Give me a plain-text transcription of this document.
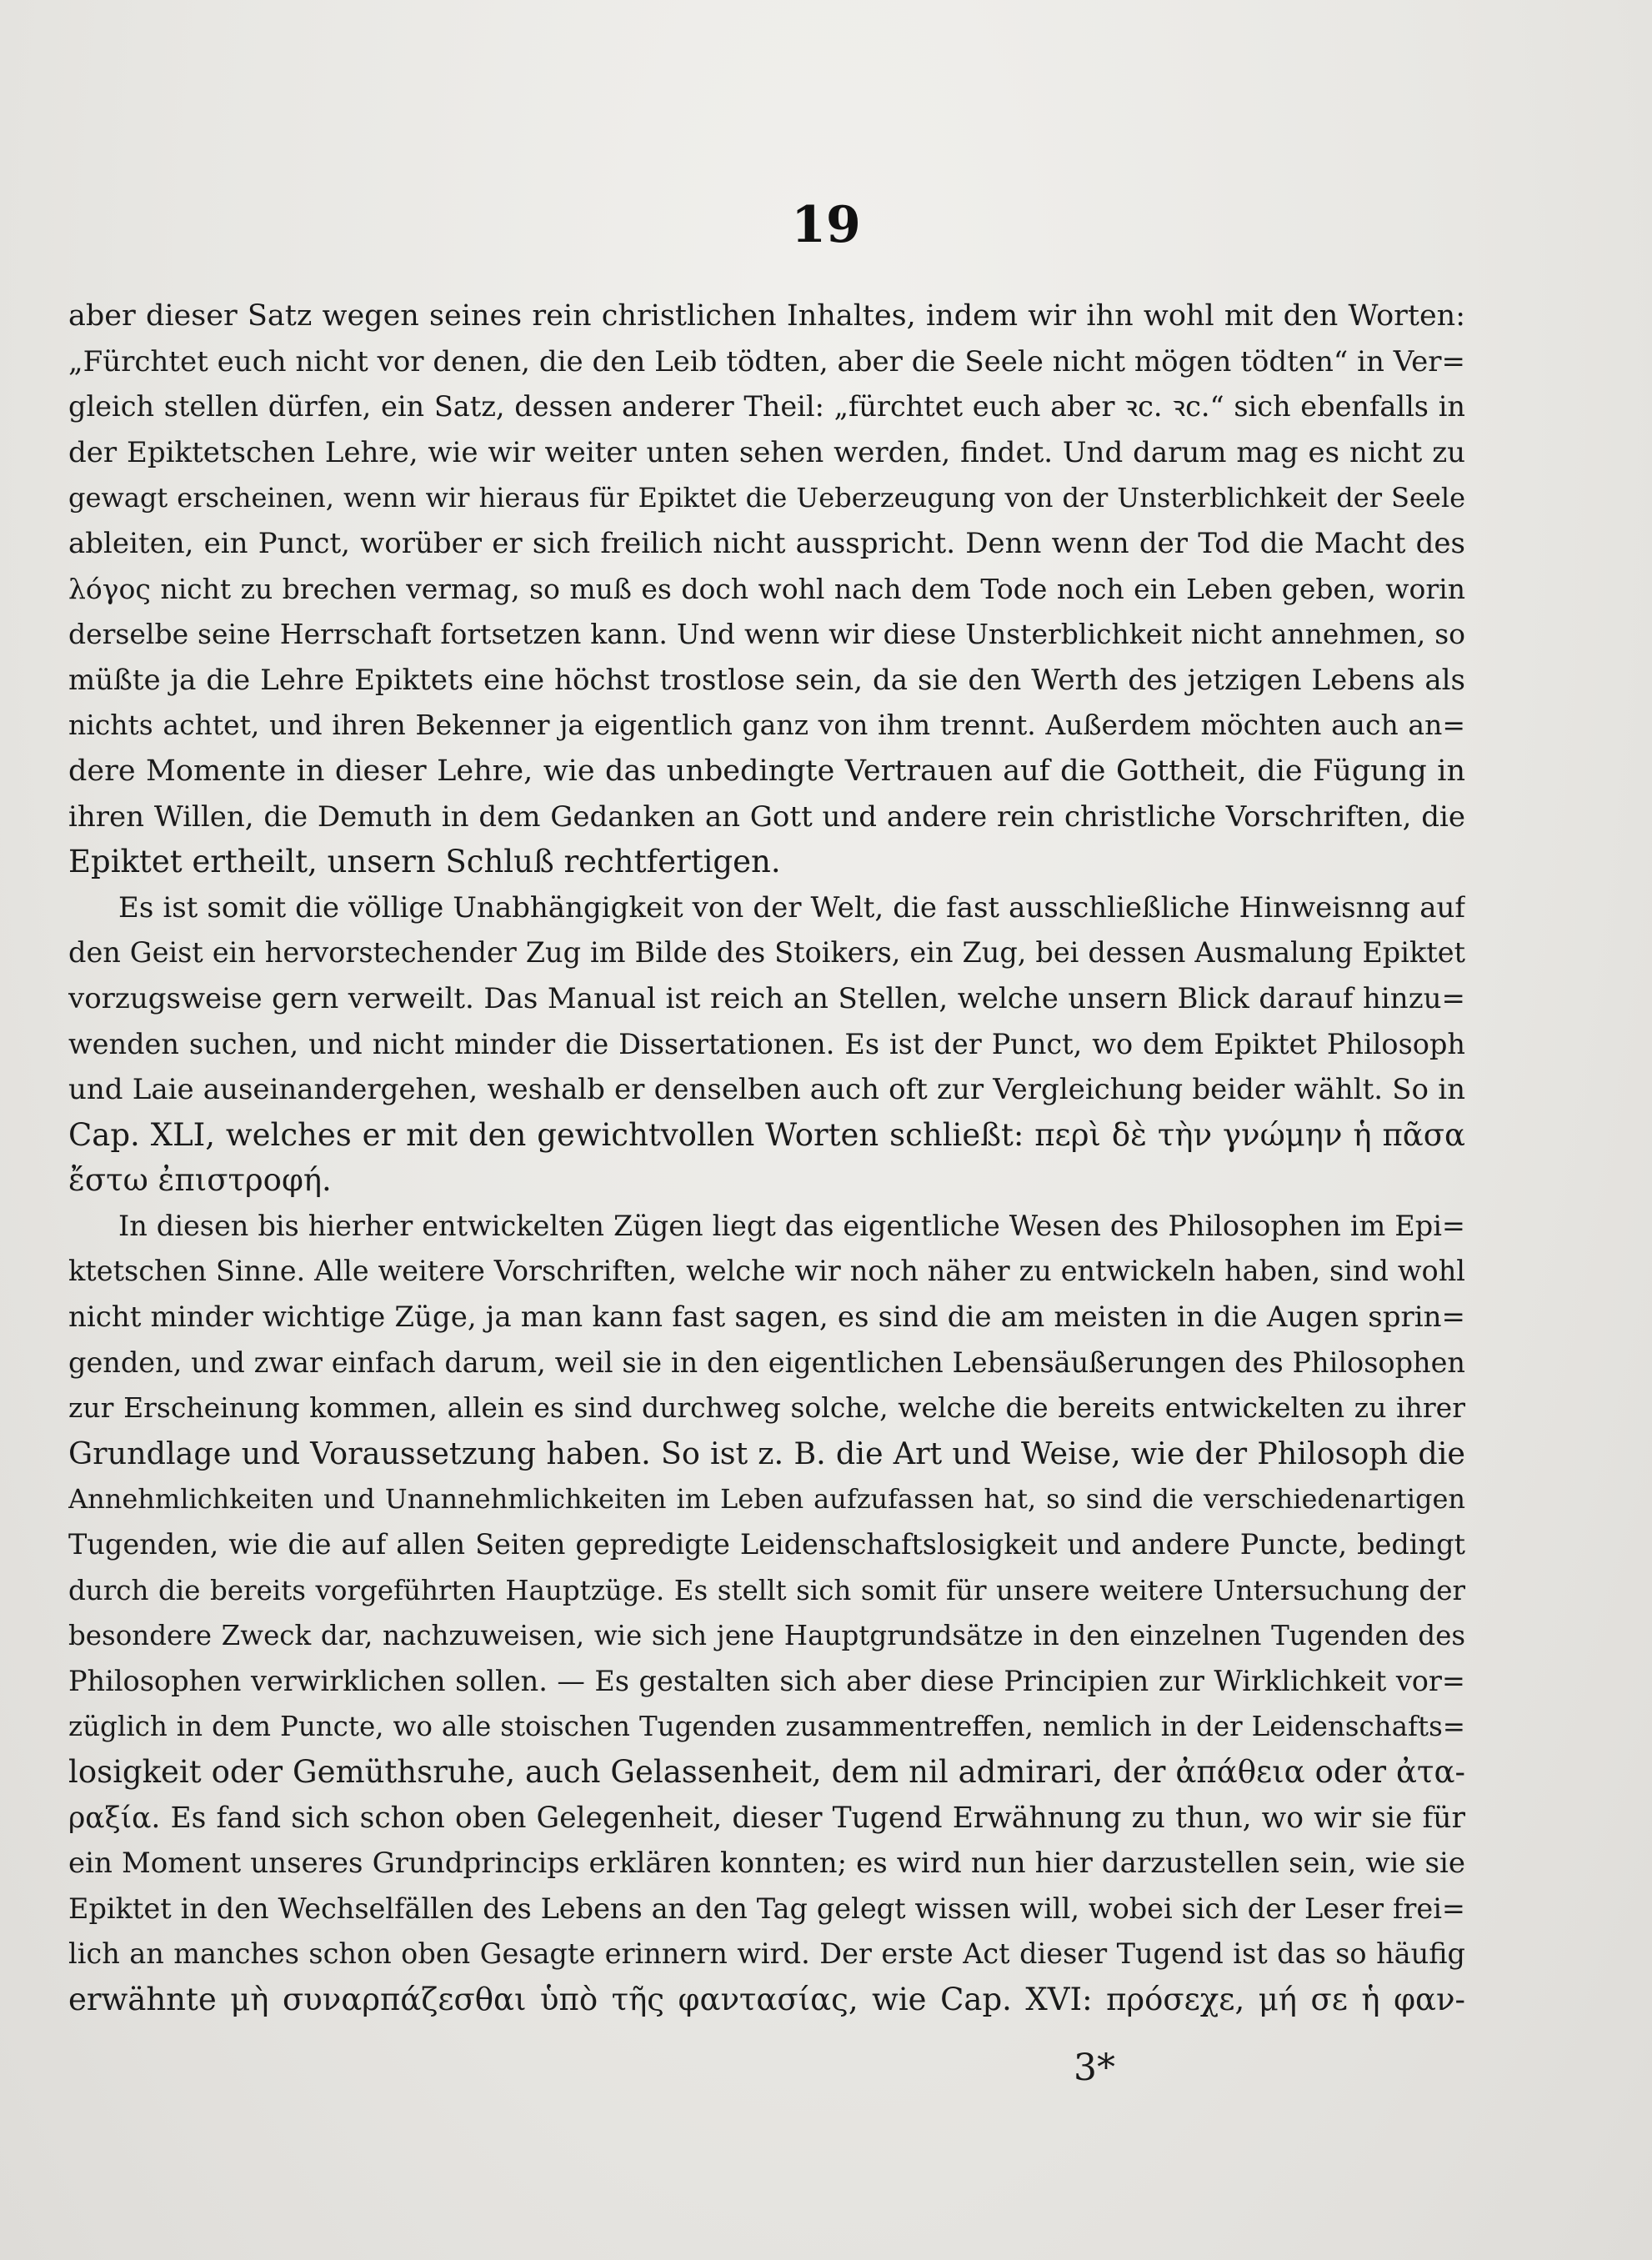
19
aber dieser Satz wegen seines rein christlichen Inhaltes, indem wir ihn wohl mit den Worten:
„Fürchtet euch nicht vor denen, die den Leib tödten, aber die Seele nicht mögen tödten“ in Ver=
gleich stellen dürfen, ein Satz, dessen anderer Theil: „fürchtet euch aber ꝛc. ꝛc.“ sich ebenfalls in
der Epiktetschen Lehre, wie wir weiter unten sehen werden, findet. Und darum mag es nicht zu
gewagt erscheinen, wenn wir hieraus für Epiktet die Ueberzeugung von der Unsterblichkeit der Seele
ableiten, ein Punct, worüber er sich freilich nicht ausspricht. Denn wenn der Tod die Macht des
λόγος nicht zu brechen vermag, so muß es doch wohl nach dem Tode noch ein Leben geben, worin
derselbe seine Herrschaft fortsetzen kann. Und wenn wir diese Unsterblichkeit nicht annehmen, so
müßte ja die Lehre Epiktets eine höchst trostlose sein, da sie den Werth des jetzigen Lebens als
nichts achtet, und ihren Bekenner ja eigentlich ganz von ihm trennt. Außerdem möchten auch an=
dere Momente in dieser Lehre, wie das unbedingte Vertrauen auf die Gottheit, die Fügung in
ihren Willen, die Demuth in dem Gedanken an Gott und andere rein christliche Vorschriften, die
Epiktet ertheilt, unsern Schluß rechtfertigen.
Es ist somit die völlige Unabhängigkeit von der Welt, die fast ausschließliche Hinweisnng auf
den Geist ein hervorstechender Zug im Bilde des Stoikers, ein Zug, bei dessen Ausmalung Epiktet
vorzugsweise gern verweilt. Das Manual ist reich an Stellen, welche unsern Blick darauf hinzu=
wenden suchen, und nicht minder die Dissertationen. Es ist der Punct, wo dem Epiktet Philosoph
und Laie auseinandergehen, weshalb er denselben auch oft zur Vergleichung beider wählt. So in
Cap. XLI, welches er mit den gewichtvollen Worten schließt: περὶ δὲ τὴν γνώμην ἡ πᾶσα
ἔστω ἐπιστροφή.
In diesen bis hierher entwickelten Zügen liegt das eigentliche Wesen des Philosophen im Epi=
ktetschen Sinne. Alle weitere Vorschriften, welche wir noch näher zu entwickeln haben, sind wohl
nicht minder wichtige Züge, ja man kann fast sagen, es sind die am meisten in die Augen sprin=
genden, und zwar einfach darum, weil sie in den eigentlichen Lebensäußerungen des Philosophen
zur Erscheinung kommen, allein es sind durchweg solche, welche die bereits entwickelten zu ihrer
Grundlage und Voraussetzung haben. So ist z. B. die Art und Weise, wie der Philosoph die
Annehmlichkeiten und Unannehmlichkeiten im Leben aufzufassen hat, so sind die verschiedenartigen
Tugenden, wie die auf allen Seiten gepredigte Leidenschaftslosigkeit und andere Puncte, bedingt
durch die bereits vorgeführten Hauptzüge. Es stellt sich somit für unsere weitere Untersuchung der
besondere Zweck dar, nachzuweisen, wie sich jene Hauptgrundsätze in den einzelnen Tugenden des
Philosophen verwirklichen sollen. — Es gestalten sich aber diese Principien zur Wirklichkeit vor=
züglich in dem Puncte, wo alle stoischen Tugenden zusammentreffen, nemlich in der Leidenschafts=
losigkeit oder Gemüthsruhe, auch Gelassenheit, dem nil admirari, der ἀπάθεια oder ἀτα-
ραξία. Es fand sich schon oben Gelegenheit, dieser Tugend Erwähnung zu thun, wo wir sie für
ein Moment unseres Grundprincips erklären konnten; es wird nun hier darzustellen sein, wie sie
Epiktet in den Wechselfällen des Lebens an den Tag gelegt wissen will, wobei sich der Leser frei=
lich an manches schon oben Gesagte erinnern wird. Der erste Act dieser Tugend ist das so häufig
erwähnte μὴ συναρπάζεσθαι ὑπὸ τῆς φαντασίας, wie Cap. XVI: πρόσεχε, μή σε ἡ φαν-
3*
